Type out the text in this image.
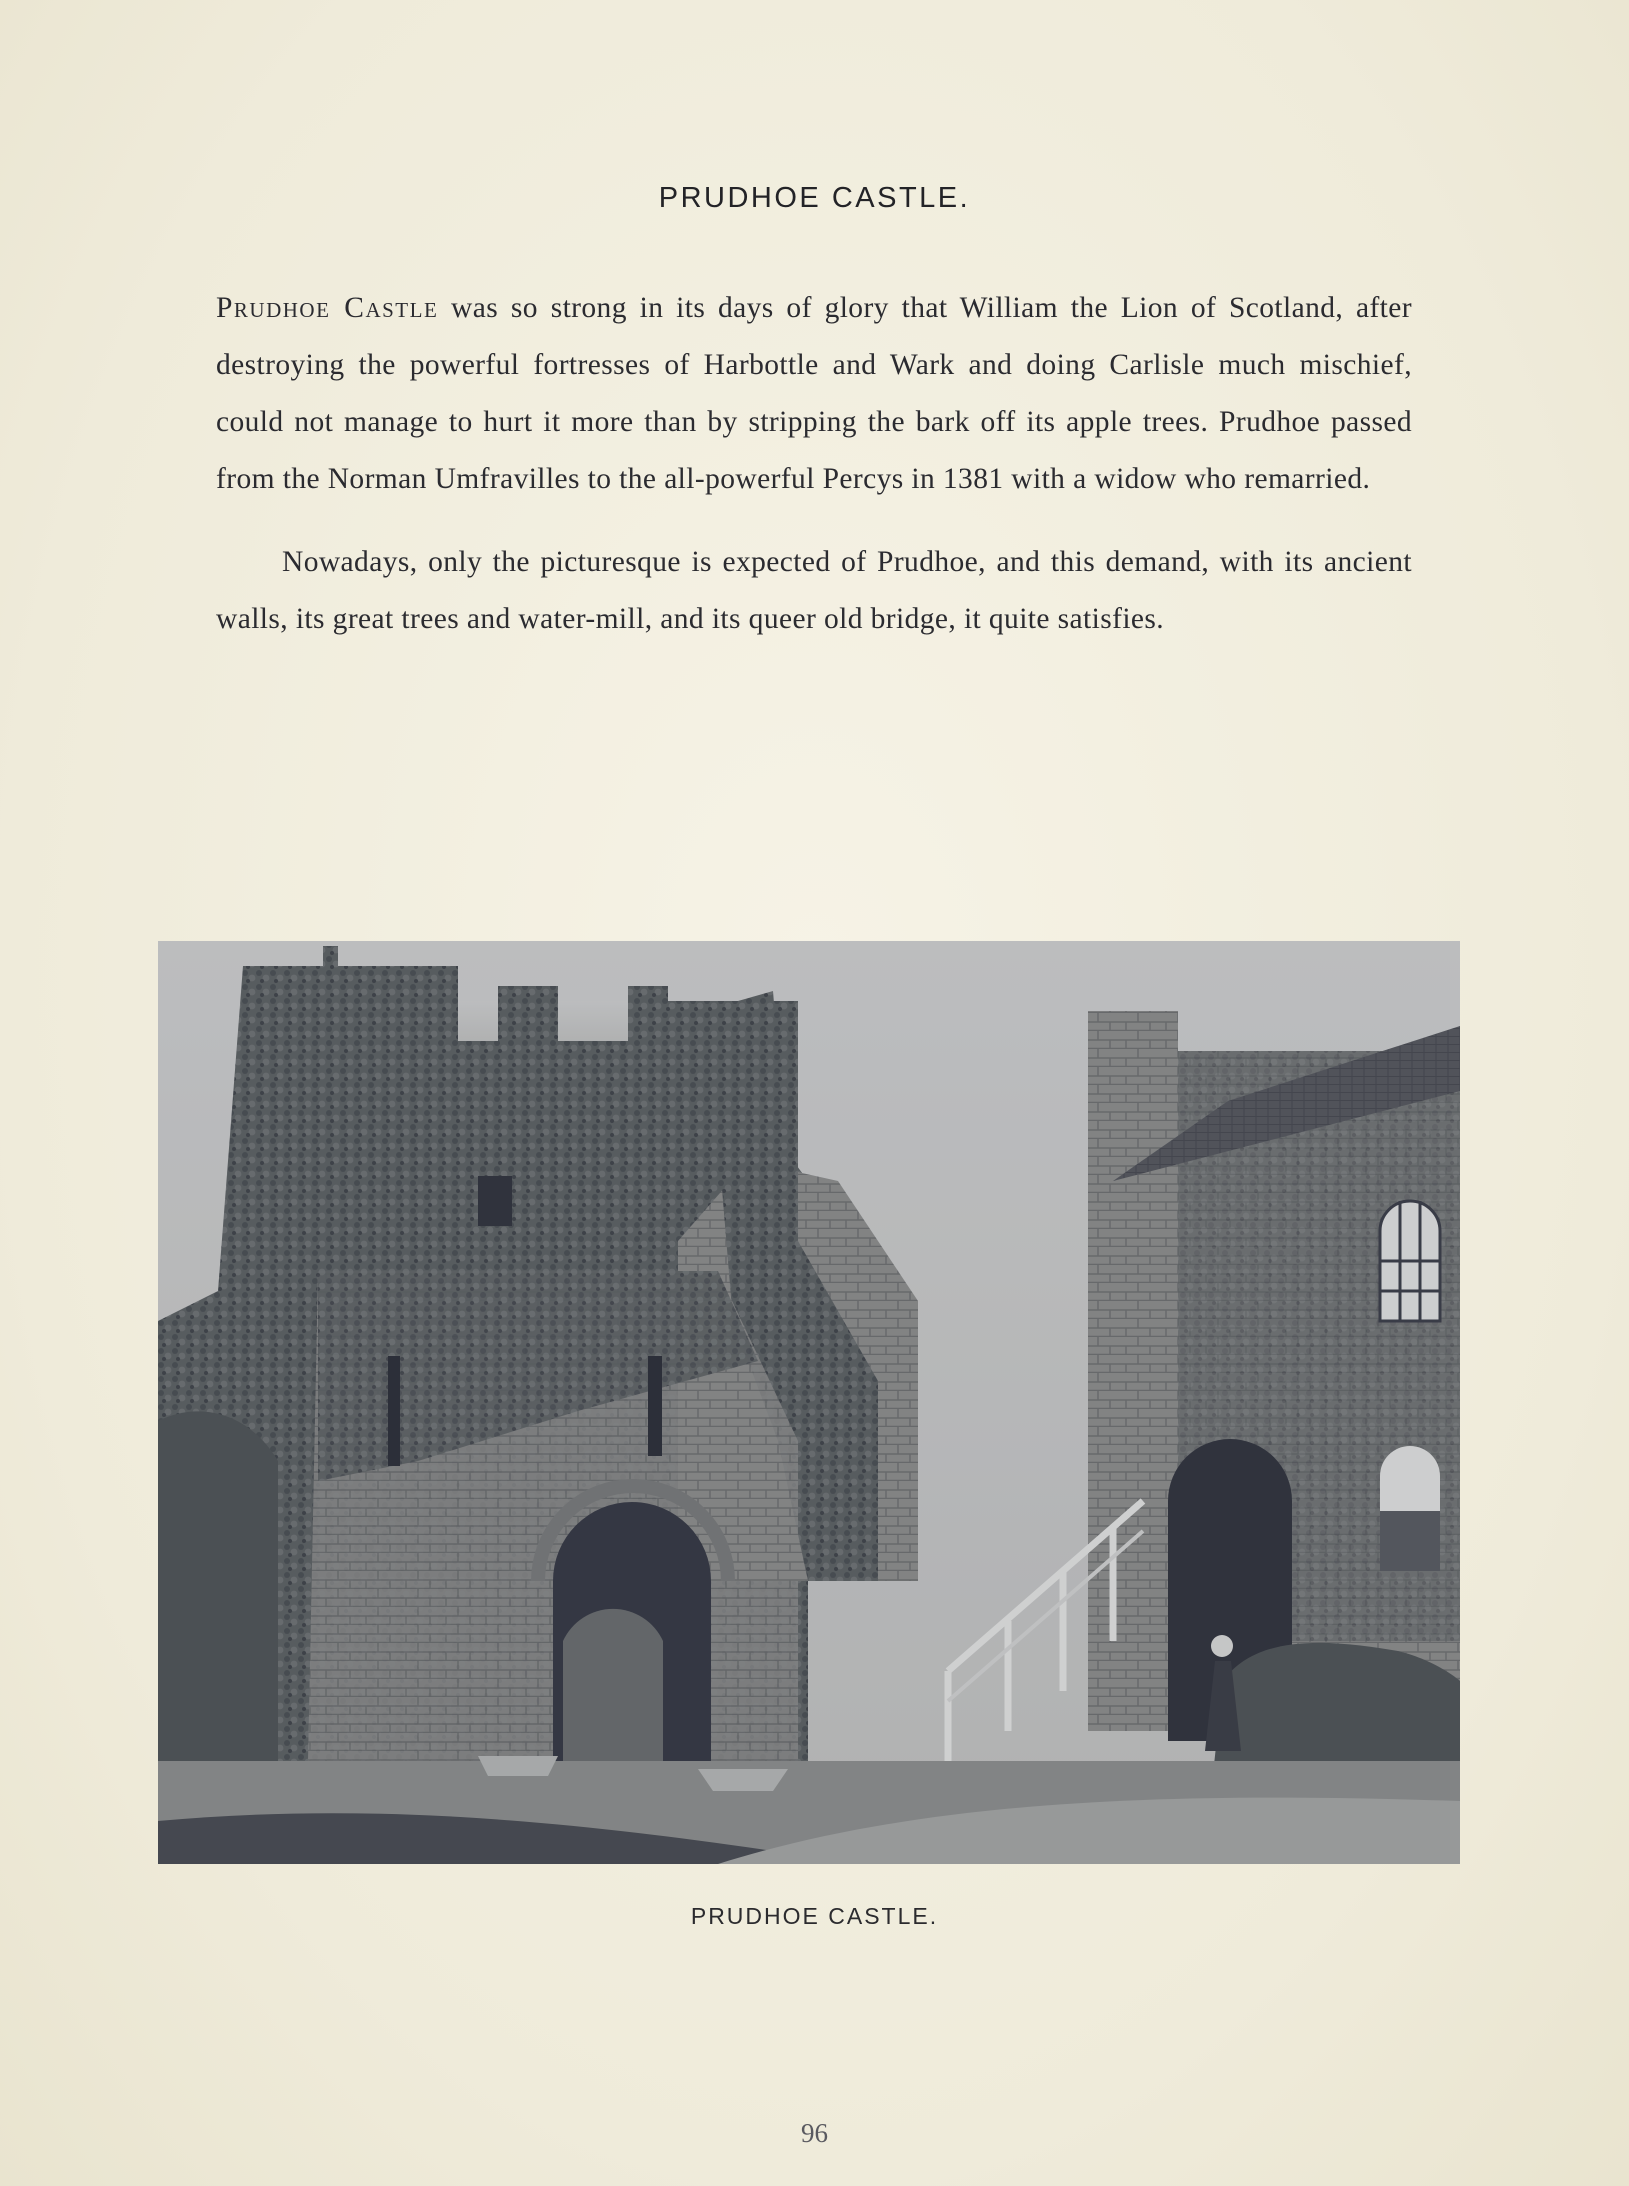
PRUDHOE CASTLE.

Prudhoe Castle was so strong in its days of glory that William the Lion of Scotland, after destroying the powerful fortresses of Harbottle and Wark and doing Carlisle much mischief, could not manage to hurt it more than by stripping the bark off its apple trees. Prudhoe passed from the Norman Umfravilles to the all-powerful Percys in 1381 with a widow who remarried.

Nowadays, only the picturesque is expected of Prudhoe, and this demand, with its ancient walls, its great trees and water-mill, and its queer old bridge, it quite satisfies.

PRUDHOE CASTLE.
96
